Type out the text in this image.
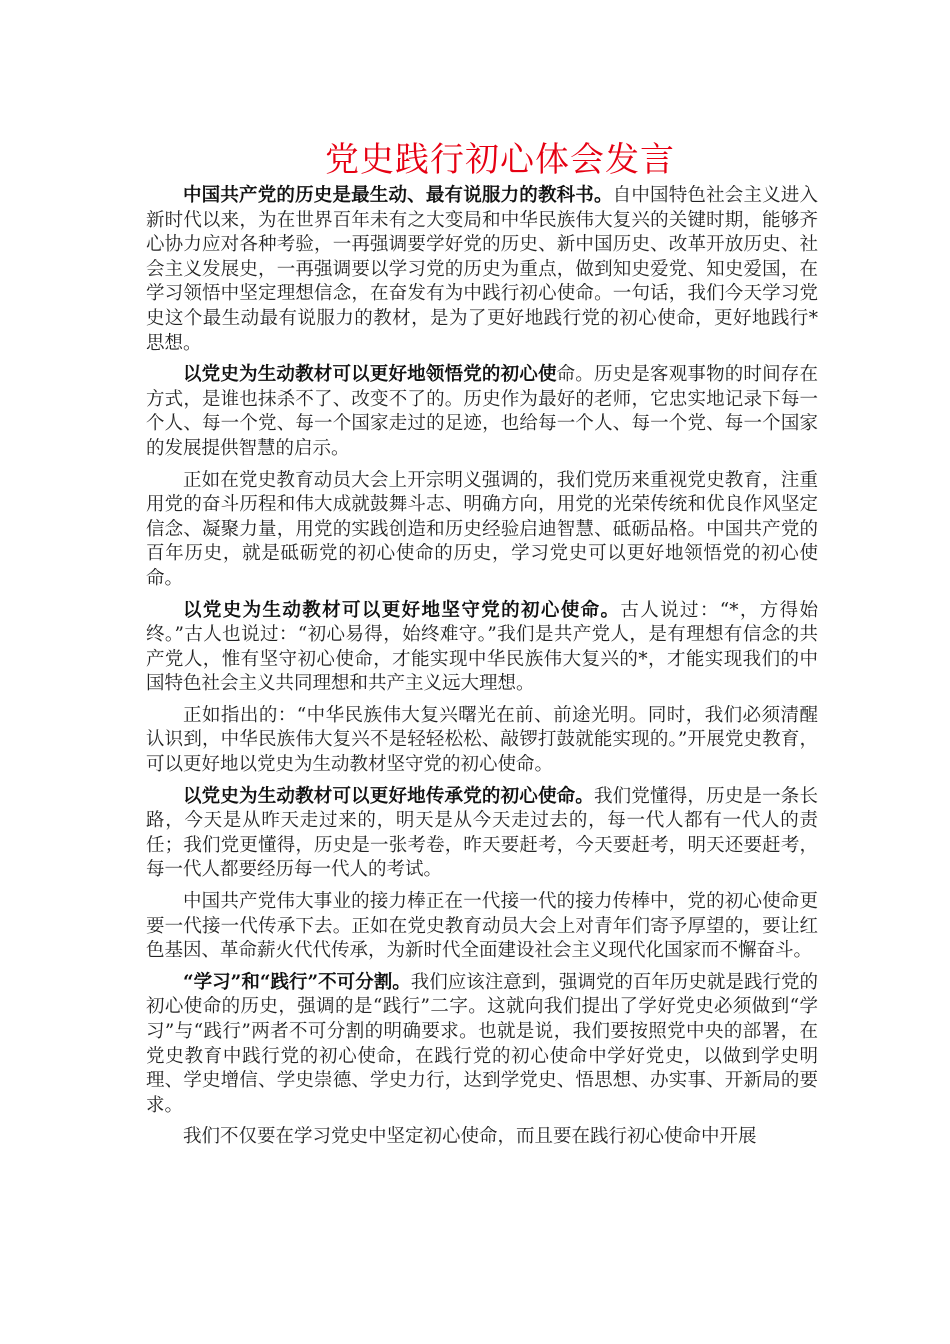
党史践行初心体会发言

中国共产党的历史是最生动、最有说服力的教科书。自中国特色社会主义进入新时代以来，为在世界百年未有之大变局和中华民族伟大复兴的关键时期，能够齐心协力应对各种考验，一再强调要学好党的历史、新中国历史、改革开放历史、社会主义发展史，一再强调要以学习党的历史为重点，做到知史爱党、知史爱国，在学习领悟中坚定理想信念，在奋发有为中践行初心使命。一句话，我们今天学习党史这个最生动最有说服力的教材，是为了更好地践行党的初心使命，更好地践行*思想。

以党史为生动教材可以更好地领悟党的初心使命。历史是客观事物的时间存在方式，是谁也抹杀不了、改变不了的。历史作为最好的老师，它忠实地记录下每一个人、每一个党、每一个国家走过的足迹，也给每一个人、每一个党、每一个国家的发展提供智慧的启示。

正如在党史教育动员大会上开宗明义强调的，我们党历来重视党史教育，注重用党的奋斗历程和伟大成就鼓舞斗志、明确方向，用党的光荣传统和优良作风坚定信念、凝聚力量，用党的实践创造和历史经验启迪智慧、砥砺品格。中国共产党的百年历史，就是砥砺党的初心使命的历史，学习党史可以更好地领悟党的初心使命。

以党史为生动教材可以更好地坚守党的初心使命。古人说过：“*，方得始终。”古人也说过：“初心易得，始终难守。”我们是共产党人，是有理想有信念的共产党人，惟有坚守初心使命，才能实现中华民族伟大复兴的*，才能实现我们的中国特色社会主义共同理想和共产主义远大理想。

正如指出的：“中华民族伟大复兴曙光在前、前途光明。同时，我们必须清醒认识到，中华民族伟大复兴不是轻轻松松、敲锣打鼓就能实现的。”开展党史教育，可以更好地以党史为生动教材坚守党的初心使命。

以党史为生动教材可以更好地传承党的初心使命。我们党懂得，历史是一条长路，今天是从昨天走过来的，明天是从今天走过去的，每一代人都有一代人的责任；我们党更懂得，历史是一张考卷，昨天要赶考，今天要赶考，明天还要赶考，每一代人都要经历每一代人的考试。

中国共产党伟大事业的接力棒正在一代接一代的接力传棒中，党的初心使命更要一代接一代传承下去。正如在党史教育动员大会上对青年们寄予厚望的，要让红色基因、革命薪火代代传承，为新时代全面建设社会主义现代化国家而不懈奋斗。

“学习”和“践行”不可分割。我们应该注意到，强调党的百年历史就是践行党的初心使命的历史，强调的是“践行”二字。这就向我们提出了学好党史必须做到“学习”与“践行”两者不可分割的明确要求。也就是说，我们要按照党中央的部署，在党史教育中践行党的初心使命，在践行党的初心使命中学好党史，以做到学史明理、学史增信、学史崇德、学史力行，达到学党史、悟思想、办实事、开新局的要求。

我们不仅要在学习党史中坚定初心使命，而且要在践行初心使命中开展
